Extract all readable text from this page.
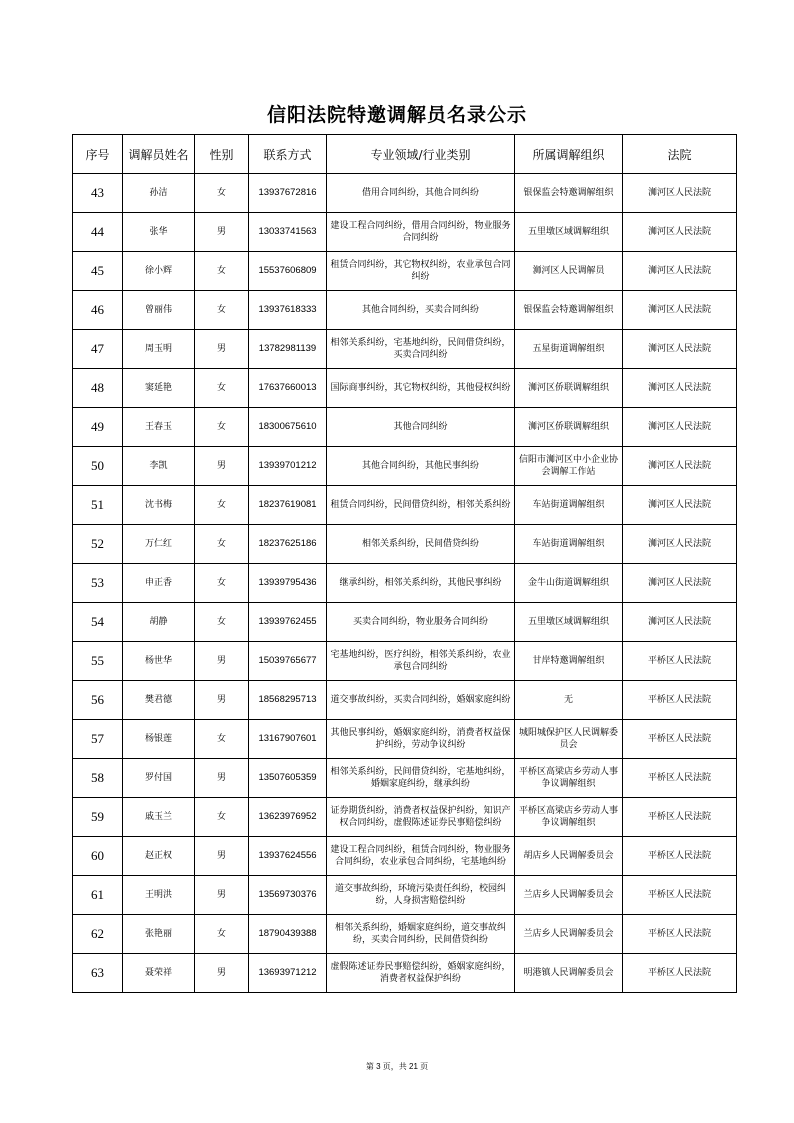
信阳法院特邀调解员名录公示
序号	调解员姓名	性别	联系方式	专业领域/行业类别	所属调解组织	法院
43	孙洁	女	13937672816	借用合同纠纷，其他合同纠纷	银保监会特邀调解组织	浉河区人民法院
44	张华	男	13033741563	建设工程合同纠纷，借用合同纠纷，物业服务合同纠纷	五里墩区域调解组织	浉河区人民法院
45	徐小辉	女	15537606809	租赁合同纠纷，其它物权纠纷，农业承包合同纠纷	浉河区人民调解员	浉河区人民法院
46	曾丽伟	女	13937618333	其他合同纠纷，买卖合同纠纷	银保监会特邀调解组织	浉河区人民法院
47	周玉明	男	13782981139	相邻关系纠纷，宅基地纠纷，民间借贷纠纷，买卖合同纠纷	五星街道调解组织	浉河区人民法院
48	窦延艳	女	17637660013	国际商事纠纷，其它物权纠纷，其他侵权纠纷	浉河区侨联调解组织	浉河区人民法院
49	王春玉	女	18300675610	其他合同纠纷	浉河区侨联调解组织	浉河区人民法院
50	李凯	男	13939701212	其他合同纠纷，其他民事纠纷	信阳市浉河区中小企业协会调解工作站	浉河区人民法院
51	沈书梅	女	18237619081	租赁合同纠纷，民间借贷纠纷，相邻关系纠纷	车站街道调解组织	浉河区人民法院
52	万仁红	女	18237625186	相邻关系纠纷，民间借贷纠纷	车站街道调解组织	浉河区人民法院
53	申正香	女	13939795436	继承纠纷，相邻关系纠纷，其他民事纠纷	金牛山街道调解组织	浉河区人民法院
54	胡静	女	13939762455	买卖合同纠纷，物业服务合同纠纷	五里墩区域调解组织	浉河区人民法院
55	杨世华	男	15039765677	宅基地纠纷，医疗纠纷，相邻关系纠纷，农业承包合同纠纷	甘岸特邀调解组织	平桥区人民法院
56	樊君德	男	18568295713	道交事故纠纷，买卖合同纠纷，婚姻家庭纠纷	无	平桥区人民法院
57	杨银莲	女	13167907601	其他民事纠纷，婚姻家庭纠纷，消费者权益保护纠纷，劳动争议纠纷	城阳城保护区人民调解委员会	平桥区人民法院
58	罗付国	男	13507605359	相邻关系纠纷，民间借贷纠纷，宅基地纠纷，婚姻家庭纠纷，继承纠纷	平桥区高梁店乡劳动人事争议调解组织	平桥区人民法院
59	戚玉兰	女	13623976952	证券期货纠纷，消费者权益保护纠纷，知识产权合同纠纷，虚假陈述证券民事赔偿纠纷	平桥区高梁店乡劳动人事争议调解组织	平桥区人民法院
60	赵正权	男	13937624556	建设工程合同纠纷，租赁合同纠纷，物业服务合同纠纷，农业承包合同纠纷，宅基地纠纷	胡店乡人民调解委员会	平桥区人民法院
61	王明洪	男	13569730376	道交事故纠纷，环境污染责任纠纷，校园纠纷，人身损害赔偿纠纷	兰店乡人民调解委员会	平桥区人民法院
62	张艳丽	女	18790439388	相邻关系纠纷，婚姻家庭纠纷，道交事故纠纷，买卖合同纠纷，民间借贷纠纷	兰店乡人民调解委员会	平桥区人民法院
63	聂荣祥	男	13693971212	虚假陈述证券民事赔偿纠纷，婚姻家庭纠纷，消费者权益保护纠纷	明港镇人民调解委员会	平桥区人民法院
第 3 页，共 21 页
